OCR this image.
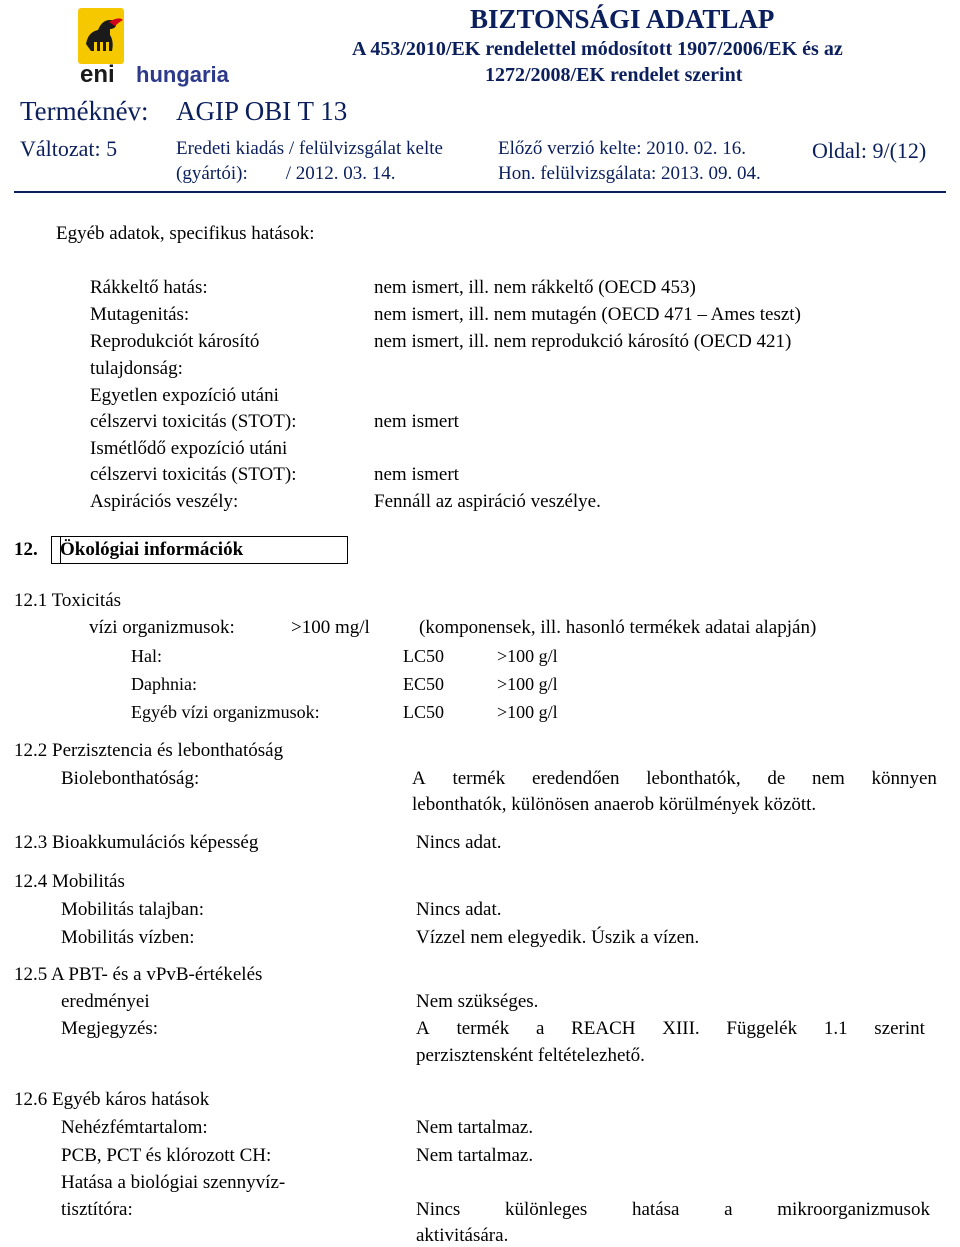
eni hungaria
BIZTONSÁGI ADATLAP
A 453/2010/EK rendelettel módosított 1907/2006/EK és az
1272/2008/EK rendelet szerint
Terméknév: AGIP OBI T 13
Változat: 5	Eredeti kiadás / felülvizsgálat kelte
(gyártói):        / 2012. 03. 14.
Előző verzió kelte: 2010. 02. 16.
Hon. felülvizsgálata: 2013. 09. 04.
Oldal: 9/(12)
Egyéb adatok, specifikus hatások:
Rákkeltő hatás:	nem ismert, ill. nem rákkeltő (OECD 453)
Mutagenitás:	nem ismert, ill. nem mutagén (OECD 471 – Ames teszt)
Reprodukciót károsító	nem ismert, ill. nem reprodukció károsító (OECD 421)
tulajdonság:
Egyetlen expozíció utáni
célszervi toxicitás (STOT):	nem ismert
Ismétlődő expozíció utáni
célszervi toxicitás (STOT):	nem ismert
Aspirációs veszély:	Fennáll az aspiráció veszélye.
12. Ökológiai információk
12.1 Toxicitás
vízi organizmusok:	>100 mg/l	(komponensek, ill. hasonló termékek adatai alapján)
Hal:	LC50	>100 g/l
Daphnia:	EC50	>100 g/l
Egyéb vízi organizmusok:	LC50	>100 g/l
12.2 Perzisztencia és lebonthatóság
Biolebonthatóság:	A termék eredendően lebonthatók, de nem könnyen
lebonthatók, különösen anaerob körülmények között.
12.3 Bioakkumulációs képesség	Nincs adat.
12.4 Mobilitás
Mobilitás talajban:	Nincs adat.
Mobilitás vízben:	Vízzel nem elegyedik. Úszik a vízen.
12.5 A PBT- és a vPvB-értékelés
eredményei	Nem szükséges.
Megjegyzés:	A termék a REACH XIII. Függelék 1.1 szerint
perzisztensként feltételezhető.
12.6 Egyéb káros hatások
Nehézfémtartalom:	Nem tartalmaz.
PCB, PCT és klórozott CH:	Nem tartalmaz.
Hatása a biológiai szennyvíz-
tisztítóra:	Nincs különleges hatása a mikroorganizmusok
aktivitására.
